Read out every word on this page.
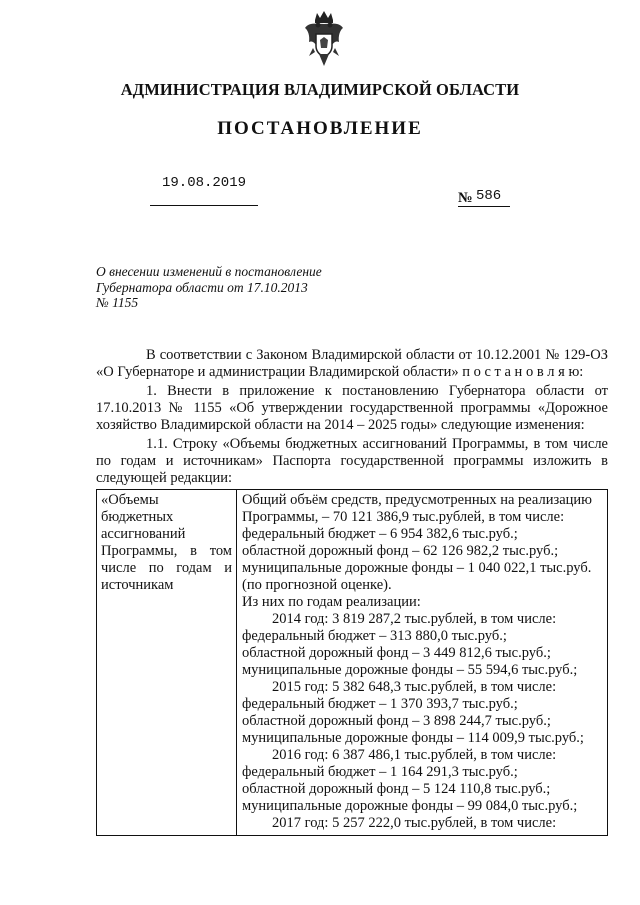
АДМИНИСТРАЦИЯ ВЛАДИМИРСКОЙ ОБЛАСТИ
ПОСТАНОВЛЕНИЕ
19.08.2019
№ 586
О внесении изменений в постановление
Губернатора области от 17.10.2013
№ 1155

В соответствии с Законом Владимирской области от 10.12.2001 № 129-ОЗ
«О Губернаторе и администрации Владимирской области» п о с т а н о в л я ю:

1. Внести в приложение к постановлению Губернатора области от
17.10.2013 № 1155 «Об утверждении государственной программы «Дорожное
хозяйство Владимирской области на 2014 – 2025 годы» следующие изменения:

1.1. Строку «Объемы бюджетных ассигнований Программы, в том числе
по годам и источникам» Паспорта государственной программы изложить в
следующей редакции:

«Объемы
бюджетных
ассигнований
Программы, в том
числе по годам и
источникам
Общий объём средств, предусмотренных на реализацию
Программы, – 70 121 386,9 тыс.рублей, в том числе:
федеральный бюджет – 6 954 382,6 тыс.руб.;
областной дорожный фонд – 62 126 982,2 тыс.руб.;
муниципальные дорожные фонды – 1 040 022,1 тыс.руб.
(по прогнозной оценке).
Из них по годам реализации:
2014 год: 3 819 287,2 тыс.рублей, в том числе:
федеральный бюджет – 313 880,0 тыс.руб.;
областной дорожный фонд – 3 449 812,6 тыс.руб.;
муниципальные дорожные фонды – 55 594,6 тыс.руб.;
2015 год: 5 382 648,3 тыс.рублей, в том числе:
федеральный бюджет – 1 370 393,7 тыс.руб.;
областной дорожный фонд – 3 898 244,7 тыс.руб.;
муниципальные дорожные фонды – 114 009,9 тыс.руб.;
2016 год: 6 387 486,1 тыс.рублей, в том числе:
федеральный бюджет – 1 164 291,3 тыс.руб.;
областной дорожный фонд – 5 124 110,8 тыс.руб.;
муниципальные дорожные фонды – 99 084,0 тыс.руб.;
2017 год: 5 257 222,0 тыс.рублей, в том числе:
